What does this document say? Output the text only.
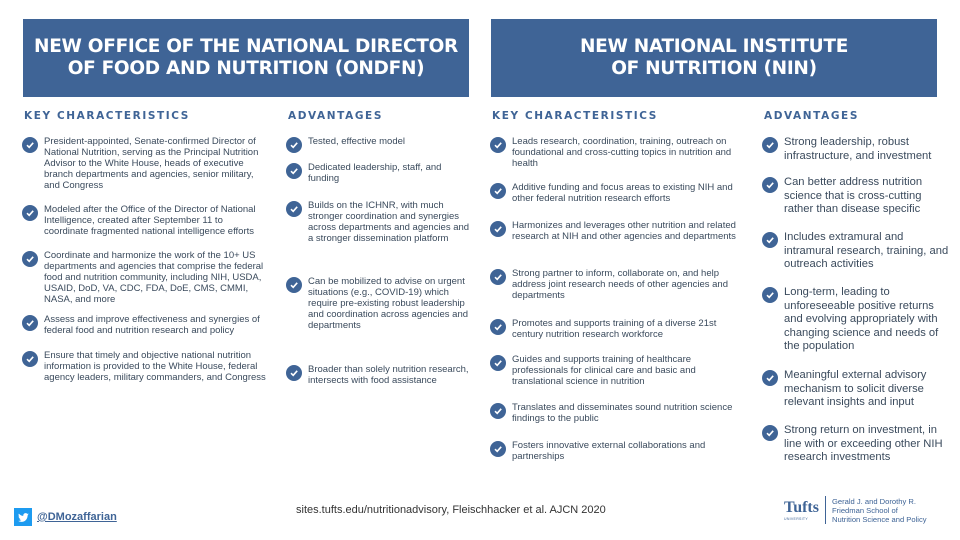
NEW OFFICE OF THE NATIONAL DIRECTOR
OF FOOD AND NUTRITION (ONDFN)
NEW NATIONAL INSTITUTE
OF NUTRITION (NIN)
KEY CHARACTERISTICS	ADVANTAGES	KEY CHARACTERISTICS	ADVANTAGES
President-appointed, Senate-confirmed Director of National Nutrition, serving as the Principal Nutrition Advisor to the White House, heads of executive branch departments and agencies, senior military, and Congress
Modeled after the Office of the Director of National Intelligence, created after September 11 to coordinate fragmented national intelligence efforts
Coordinate and harmonize the work of the 10+ US departments and agencies that comprise the federal food and nutrition community, including NIH, USDA, USAID, DoD, VA, CDC, FDA, DoE, CMS, CMMI, NASA, and more
Assess and improve effectiveness and synergies of federal food and nutrition research and policy
Ensure that timely and objective national nutrition information is provided to the White House, federal agency leaders, military commanders, and Congress
Tested, effective model
Dedicated leadership, staff, and funding
Builds on the ICHNR, with much stronger coordination and synergies across departments and agencies and a stronger dissemination platform
Can be mobilized to advise on urgent situations (e.g., COVID-19) which require pre-existing robust leadership and coordination across agencies and departments
Broader than solely nutrition research, intersects with food assistance
Leads research, coordination, training, outreach on foundational and cross-cutting topics in nutrition and health
Additive funding and focus areas to existing NIH and other federal nutrition research efforts
Harmonizes and leverages other nutrition and related research at NIH and other agencies and departments
Strong partner to inform, collaborate on, and help address joint research needs of other agencies and departments
Promotes and supports training of a diverse 21st century nutrition research workforce
Guides and supports training of healthcare professionals for clinical care and basic and translational science in nutrition
Translates and disseminates sound nutrition science findings to the public
Fosters innovative external collaborations and partnerships
Strong leadership, robust infrastructure, and investment
Can better address nutrition science that is cross-cutting rather than disease specific
Includes extramural and intramural research, training, and outreach activities
Long-term, leading to unforeseeable positive returns and evolving appropriately with changing science and needs of the population
Meaningful external advisory mechanism to solicit diverse relevant insights and input
Strong return on investment, in line with or exceeding other NIH research investments
@DMozaffarian
sites.tufts.edu/nutritionadvisory, Fleischhacker et al. AJCN 2020	Tufts
UNIVERSITY
Gerald J. and Dorothy R.
Friedman School of
Nutrition Science and Policy
